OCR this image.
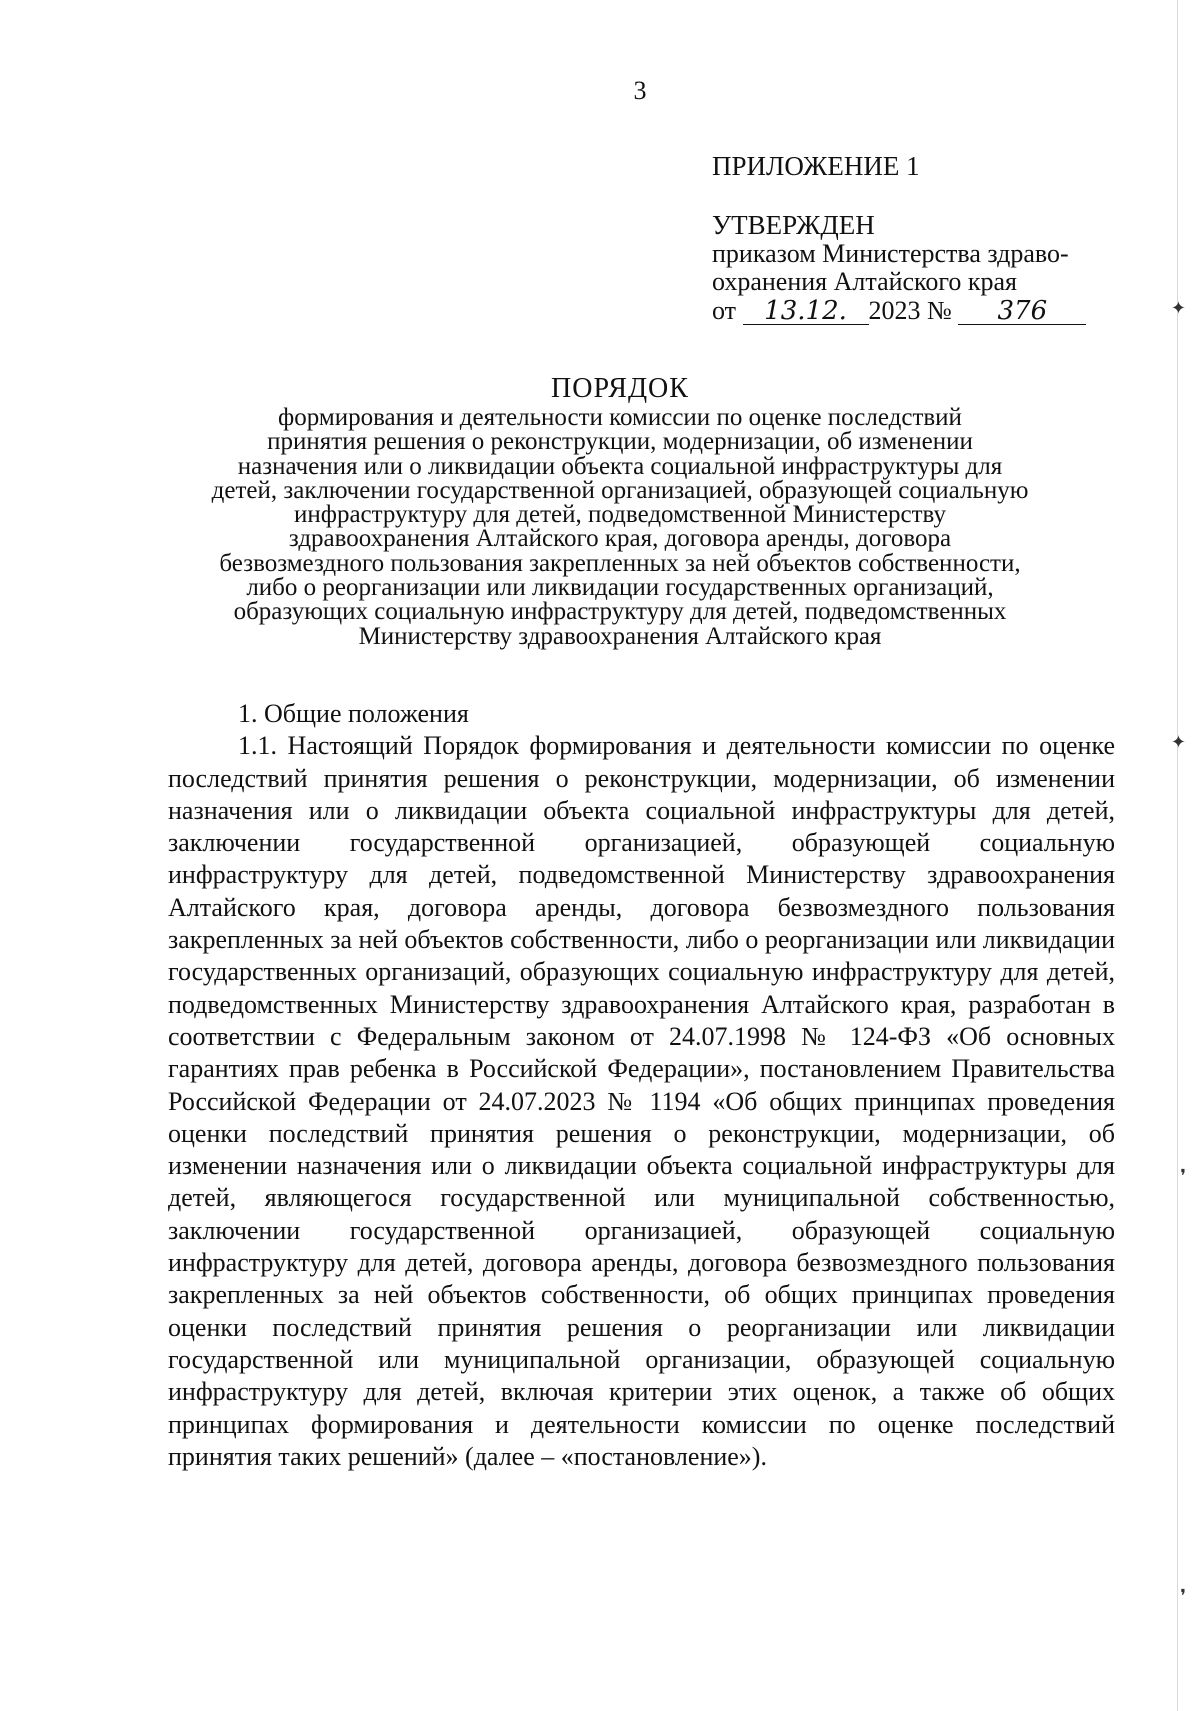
3
ПРИЛОЖЕНИЕ 1
УТВЕРЖДЕН
приказом Министерства здраво-
охранения Алтайского края
от 13.12. 2023 № 376
ПОРЯДОК
формирования и деятельности комиссии по оценке последствий
принятия решения о реконструкции, модернизации, об изменении
назначения или о ликвидации объекта социальной инфраструктуры для
детей, заключении государственной организацией, образующей социальную
инфраструктуру для детей, подведомственной Министерству
здравоохранения Алтайского края, договора аренды, договора
безвозмездного пользования закрепленных за ней объектов собственности,
либо о реорганизации или ликвидации государственных организаций,
образующих социальную инфраструктуру для детей, подведомственных
Министерству здравоохранения Алтайского края
1. Общие положения

1.1. Настоящий Порядок формирования и деятельности комиссии по оценке последствий принятия решения о реконструкции, модернизации, об изменении назначения или о ликвидации объекта социальной инфраструктуры для детей, заключении государственной организацией, образующей социальную инфраструктуру для детей, подведомственной Министерству здравоохранения Алтайского края, договора аренды, договора безвозмездного пользования закрепленных за ней объектов собственности, либо о реорганизации или ликвидации государственных организаций, образующих социальную инфраструктуру для детей, подведомственных Министерству здравоохранения Алтайского края, разработан в соответствии с Федеральным законом от 24.07.1998 № 124-ФЗ «Об основных гарантиях прав ребенка в Российской Федерации», постановлением Правительства Российской Федерации от 24.07.2023 № 1194 «Об общих принципах проведения оценки последствий принятия решения о реконструкции, модернизации, об изменении назначения или о ликвидации объекта социальной инфраструктуры для детей, являющегося государственной или муниципальной собственностью, заключении государственной организацией, образующей социальную инфраструктуру для детей, договора аренды, договора безвозмездного пользования закрепленных за ней объектов собственности, об общих принципах проведения оценки последствий принятия решения о реорганизации или ликвидации государственной или муниципальной организации, образующей социальную инфраструктуру для детей, включая критерии этих оценок, а также об общих принципах формирования и деятельности комиссии по оценке последствий принятия таких решений» (далее – «постановление»).

✦
✦
❜
❜
